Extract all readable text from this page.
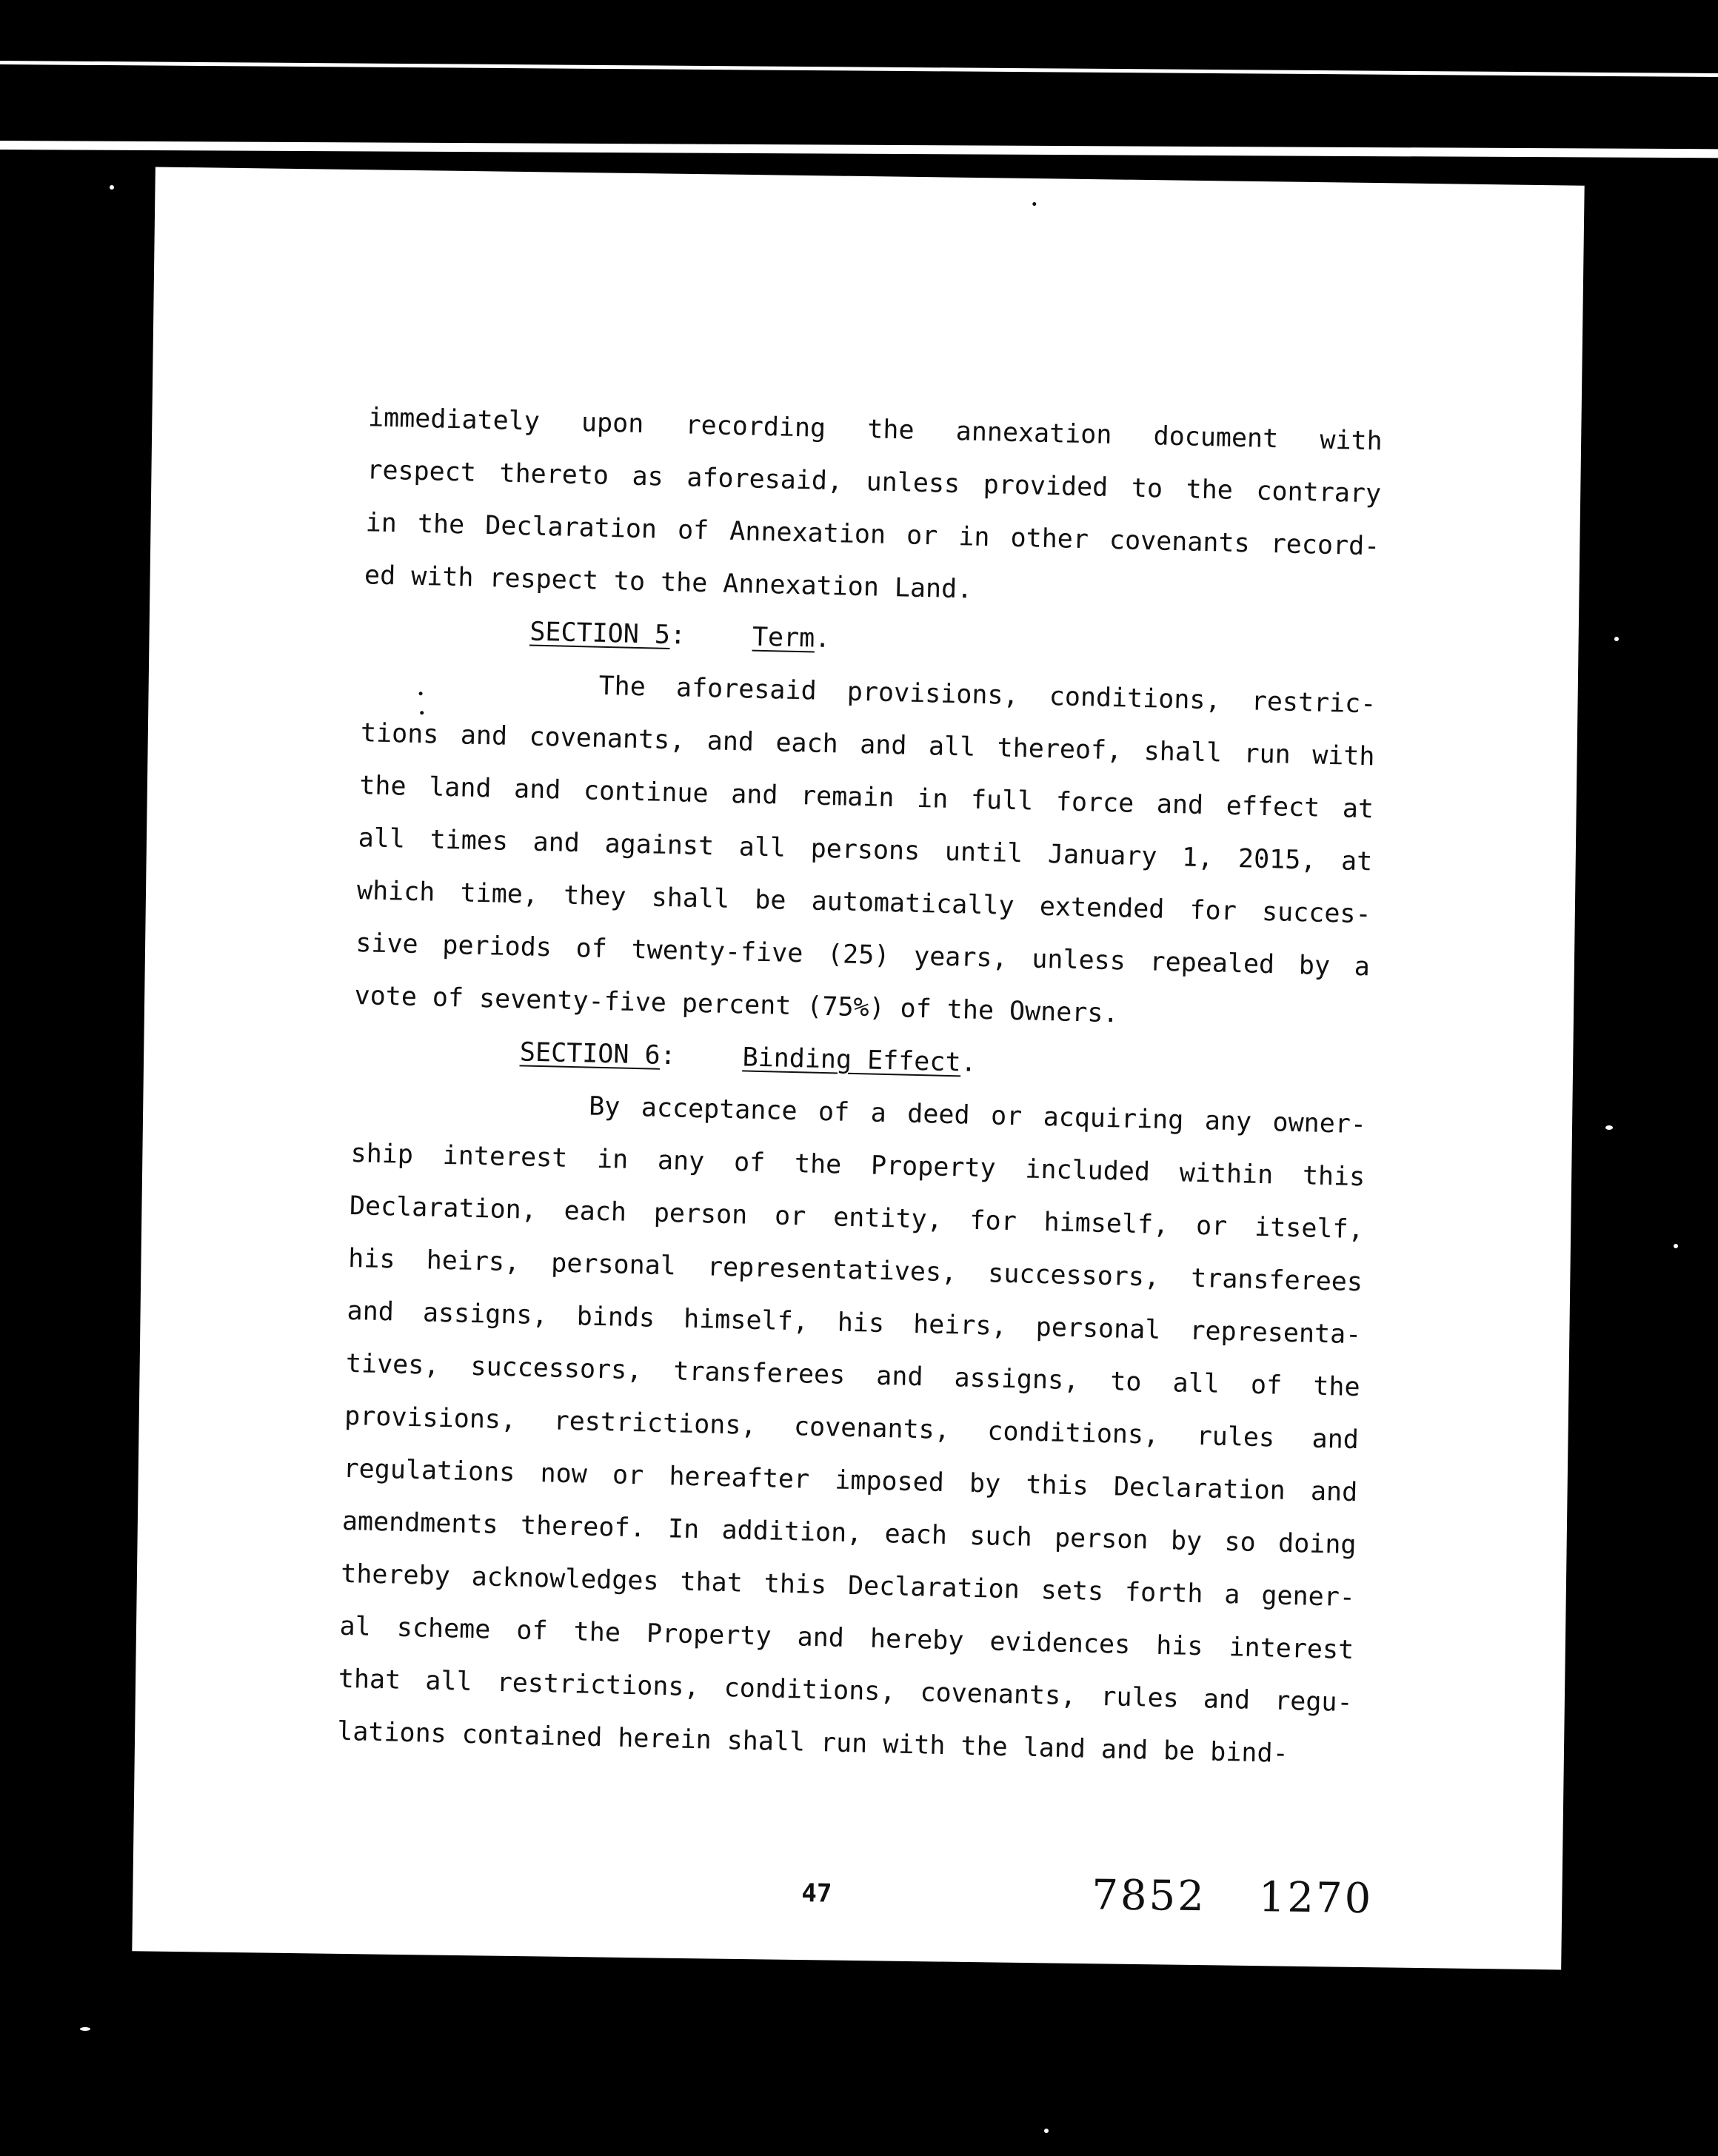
immediately upon recording the annexation document with
respect thereto as aforesaid, unless provided to the contrary
in the Declaration of Annexation or in other covenants record-
ed with respect to the Annexation Land.
SECTION 5:	Term.
The aforesaid provisions, conditions, restric-
tions and covenants, and each and all thereof, shall run with
the land and continue and remain in full force and effect at
all times and against all persons until January 1, 2015, at
which time, they shall be automatically extended for succes-
sive periods of twenty-five (25) years, unless repealed by a
vote of seventy-five percent (75%) of the Owners.
SECTION 6:	Binding Effect.
By acceptance of a deed or acquiring any owner-
ship interest in any of the Property included within this
Declaration, each person or entity, for himself, or itself,
his heirs, personal representatives, successors, transferees
and assigns, binds himself, his heirs, personal representa-
tives, successors, transferees and assigns, to all of the
provisions, restrictions, covenants, conditions, rules and
regulations now or hereafter imposed by this Declaration and
amendments thereof. In addition, each such person by so doing
thereby acknowledges that this Declaration sets forth a gener-
al scheme of the Property and hereby evidences his interest
that all restrictions, conditions, covenants, rules and regu-
lations contained herein shall run with the land and be bind-
47	7852 1270
